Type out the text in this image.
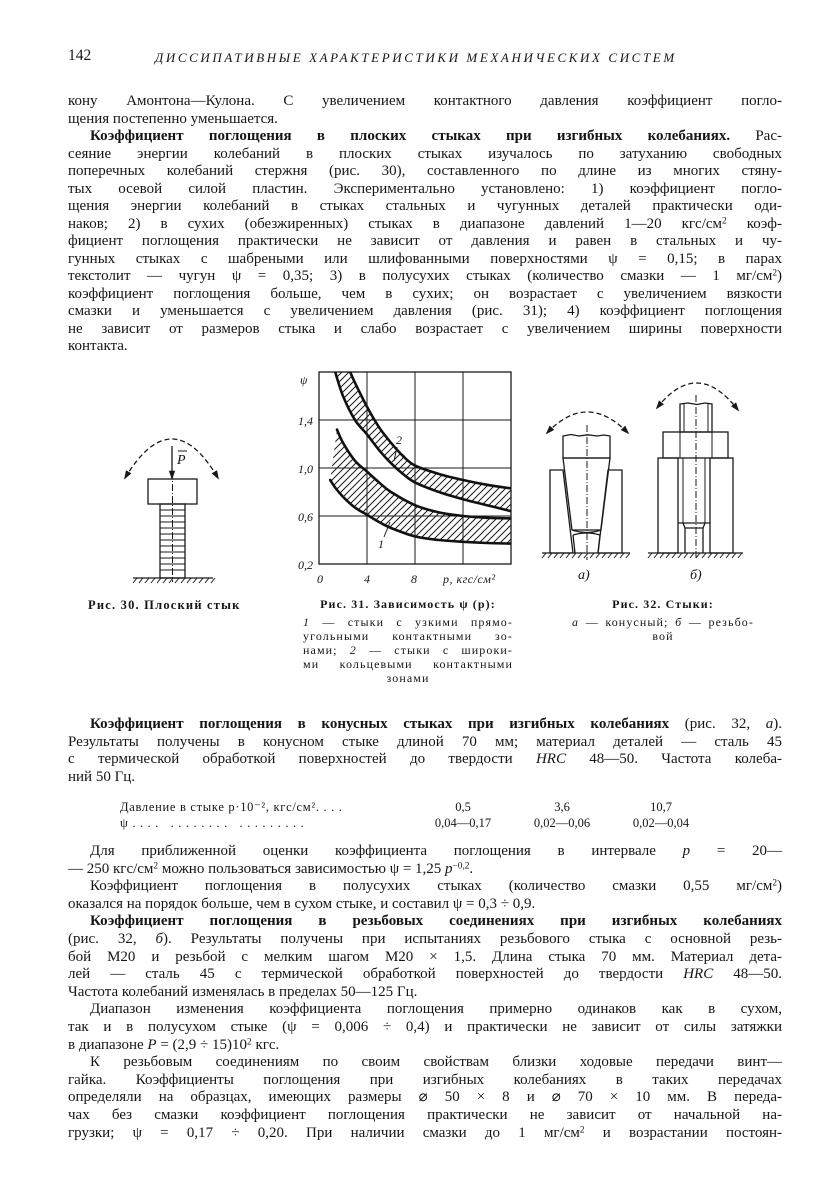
142	ДИССИПАТИВНЫЕ ХАРАКТЕРИСТИКИ МЕХАНИЧЕСКИХ СИСТЕМ
кону Амонтона—Кулона. С увеличением контактного давления коэффициент погло-
щения постепенно уменьшается.
Коэффициент поглощения в плоских стыках при изгибных колебаниях. Рас-
сеяние энергии колебаний в плоских стыках изучалось по затуханию свободных
поперечных колебаний стержня (рис. 30), составленного по длине из многих стяну-
тых осевой силой пластин. Экспериментально установлено: 1) коэффициент погло-
щения энергии колебаний в стыках стальных и чугунных деталей практически оди-
наков; 2) в сухих (обезжиренных) стыках в диапазоне давлений 1—20 кгс/$см^2$ коэф-
фициент поглощения практически не зависит от давления и равен в стальных и чу-
гунных стыках с шабреными или шлифованными поверхностями ψ = 0,15; в парах
текстолит — чугун ψ = 0,35; 3) в полусухих стыках (количество смазки — 1 $мг/см^2$)
коэффициент поглощения больше, чем в сухих; он возрастает с увеличением вязкости
смазки и уменьшается с увеличением давления (рис. 31); 4) коэффициент поглощения
не зависит от размеров стыка и слабо возрастает с увеличением ширины поверхности
контакта.
P
Рис. 30. Плоский стык
ψ
1,4
1,0
0,6
0,2
0	4	8 p, кгс/см²
2
1
Рис. 31. Зависимость ψ (p):
1 — стыки с узкими прямо-
угольными контактными зо-
нами; 2 — стыки с широки-
ми кольцевыми контактными
зонами
а)	б)
Рис. 32. Стыки:
а — конусный; б — резьбо-
вой
Коэффициент поглощения в конусных стыках при изгибных колебаниях (рис. 32, а).
Результаты получены в конусном стыке длиной 70 мм; материал деталей — сталь 45
с термической обработкой поверхностей до твердости HRC 48—50. Частота колеба-
ний 50 Гц.
Давление в стыке p·10⁻², кгс/см². . . .	0,5	3,6	10,7
ψ . . . .   . . . . . . . .   . . . . . . . . .	0,04—0,17	0,02—0,06	0,02—0,04
Для приближенной оценки коэффициента поглощения в интервале p = 20—
— 250 кгс/$см^2$ можно пользоваться зависимостью ψ = 1,25 $p^{-0,2}$.
Коэффициент поглощения в полусухих стыках (количество смазки 0,55 $мг/см^2$)
оказался на порядок больше, чем в сухом стыке, и составил ψ = 0,3 ÷ 0,9.
Коэффициент поглощения в резьбовых соединениях при изгибных колебаниях
(рис. 32, б). Результаты получены при испытаниях резьбового стыка с основной резь-
бой М20 и резьбой с мелким шагом М20 × 1,5. Длина стыка 70 мм. Материал дета-
лей — сталь 45 с термической обработкой поверхностей до твердости HRC 48—50.
Частота колебаний изменялась в пределах 50—125 Гц.
Диапазон изменения коэффициента поглощения примерно одинаков как в сухом,
так и в полусухом стыке (ψ = 0,006 ÷ 0,4) и практически не зависит от силы затяжки
в диапазоне $P = (2,9 \div 15)10^2$ кгс.
К резьбовым соединениям по своим свойствам близки ходовые передачи винт—
гайка. Коэффициенты поглощения при изгибных колебаниях в таких передачах
определяли на образцах, имеющих размеры ⌀ 50 × 8 и ⌀ 70 × 10 мм. В переда-
чах без смазки коэффициент поглощения практически не зависит от начальной на-
грузки; ψ = 0,17 ÷ 0,20. При наличии смазки до 1 $мг/см^2$ и возрастании постоян-
